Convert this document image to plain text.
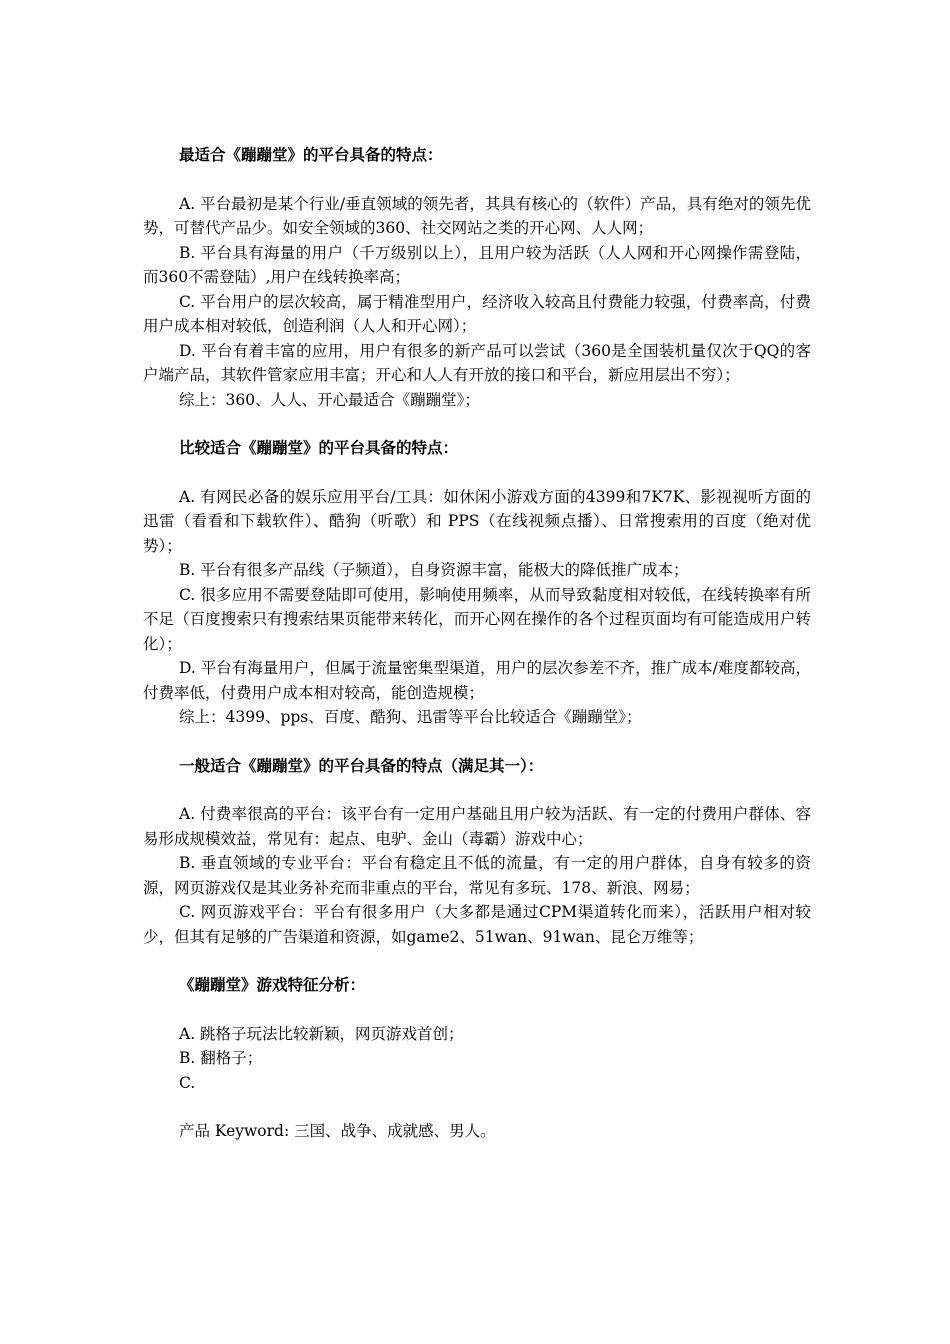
最适合《蹦蹦堂》的平台具备的特点：

A. 平台最初是某个行业/垂直领域的领先者，其具有核心的（软件）产品，具有绝对的领先优势，可替代产品少。如安全领域的360、社交网站之类的开心网、人人网；

B. 平台具有海量的用户（千万级别以上），且用户较为活跃（人人网和开心网操作需登陆，而360不需登陆）,用户在线转换率高；

C. 平台用户的层次较高，属于精准型用户，经济收入较高且付费能力较强，付费率高，付费用户成本相对较低，创造利润（人人和开心网）；

D. 平台有着丰富的应用，用户有很多的新产品可以尝试（360是全国装机量仅次于QQ的客户端产品，其软件管家应用丰富；开心和人人有开放的接口和平台，新应用层出不穷）；

综上：360、人人、开心最适合《蹦蹦堂》；

比较适合《蹦蹦堂》的平台具备的特点：

A. 有网民必备的娱乐应用平台/工具：如休闲小游戏方面的4399和7K7K、影视视听方面的迅雷（看看和下载软件）、酷狗（听歌）和 PPS（在线视频点播）、日常搜索用的百度（绝对优势）；

B. 平台有很多产品线（子频道），自身资源丰富，能极大的降低推广成本；

C. 很多应用不需要登陆即可使用，影响使用频率，从而导致黏度相对较低，在线转换率有所不足（百度搜索只有搜索结果页能带来转化，而开心网在操作的各个过程页面均有可能造成用户转化）；

D. 平台有海量用户，但属于流量密集型渠道，用户的层次参差不齐，推广成本/难度都较高，付费率低，付费用户成本相对较高，能创造规模；

综上：4399、pps、百度、酷狗、迅雷等平台比较适合《蹦蹦堂》；

一般适合《蹦蹦堂》的平台具备的特点（满足其一）：

A. 付费率很高的平台：该平台有一定用户基础且用户较为活跃、有一定的付费用户群体、容易形成规模效益，常见有：起点、电驴、金山（毒霸）游戏中心；

B. 垂直领域的专业平台：平台有稳定且不低的流量，有一定的用户群体，自身有较多的资源，网页游戏仅是其业务补充而非重点的平台，常见有多玩、178、新浪、网易；

C. 网页游戏平台：平台有很多用户（大多都是通过CPM渠道转化而来），活跃用户相对较少，但其有足够的广告渠道和资源，如game2、51wan、91wan、昆仑万维等；

《蹦蹦堂》游戏特征分析：

A. 跳格子玩法比较新颖，网页游戏首创；

B. 翻格子；

C.

产品 Keyword: 三国、战争、成就感、男人。
